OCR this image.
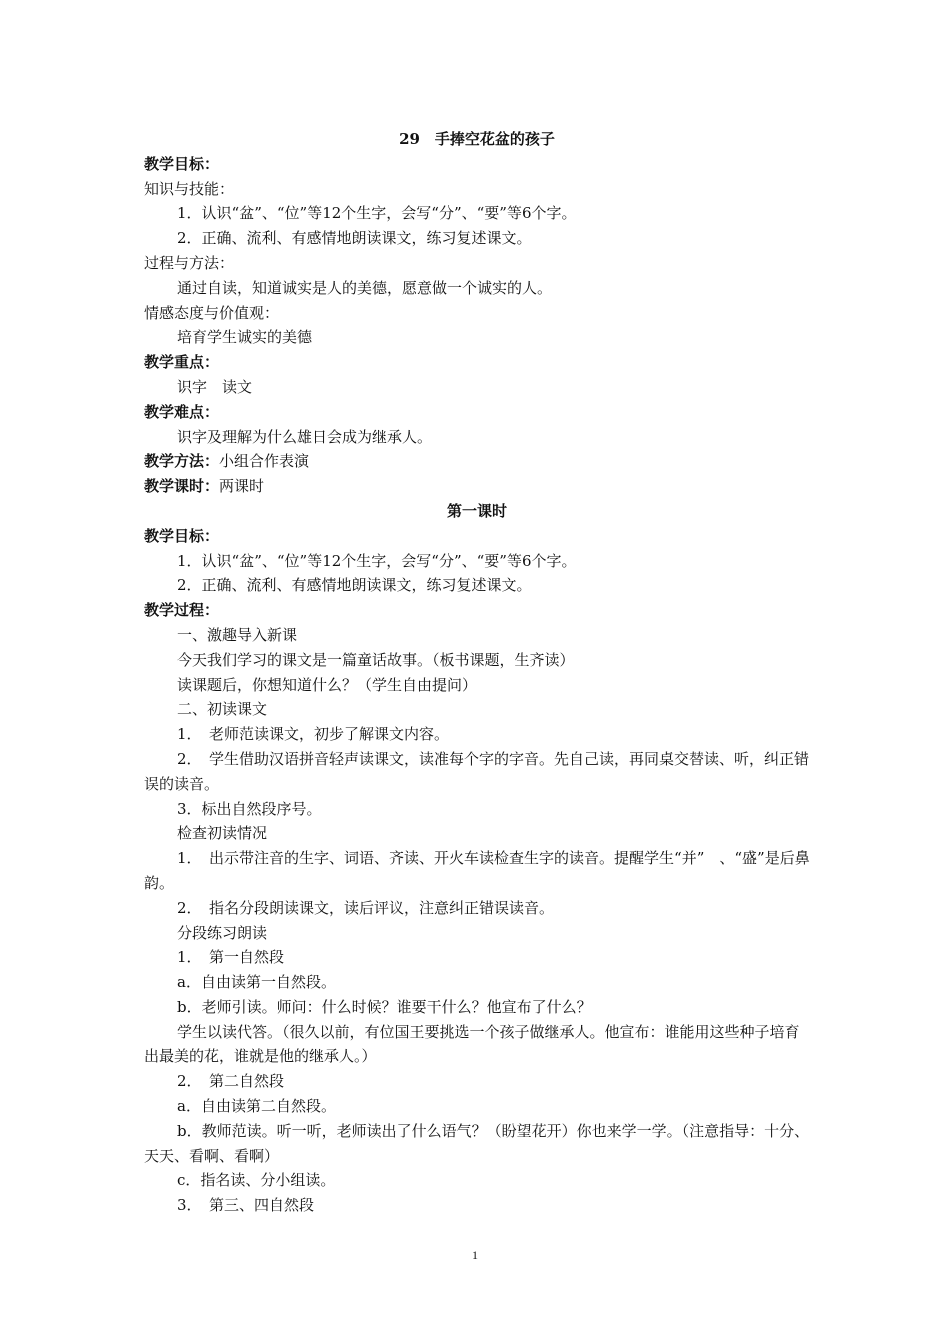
29　手捧空花盆的孩子
教学目标：
知识与技能：
1．认识“盆”、“位”等12个生字，会写“分”、“要”等6个字。
2．正确、流利、有感情地朗读课文，练习复述课文。
过程与方法：
通过自读，知道诚实是人的美德，愿意做一个诚实的人。
情感态度与价值观：
培育学生诚实的美德
教学重点：
识字　读文
教学难点：
识字及理解为什么雄日会成为继承人。
教学方法：小组合作表演
教学课时：两课时
第一课时
教学目标：
1．认识“盆”、“位”等12个生字，会写“分”、“要”等6个字。
2．正确、流利、有感情地朗读课文，练习复述课文。
教学过程：
一、激趣导入新课
今天我们学习的课文是一篇童话故事。（板书课题，生齐读）
读课题后，你想知道什么？（学生自由提问）
二、初读课文
1．　老师范读课文，初步了解课文内容。
2．　学生借助汉语拼音轻声读课文，读准每个字的字音。先自己读，再同桌交替读、听，纠正错误的读音。
3．标出自然段序号。
检查初读情况
1．　出示带注音的生字、词语、齐读、开火车读检查生字的读音。提醒学生“并”　、“盛”是后鼻韵。
2．　指名分段朗读课文，读后评议，注意纠正错误读音。
分段练习朗读
1．　第一自然段
a．自由读第一自然段。
b．老师引读。师问：什么时候？谁要干什么？他宣布了什么？
学生以读代答。（很久以前，有位国王要挑选一个孩子做继承人。他宣布：谁能用这些种子培育出最美的花，谁就是他的继承人。）
2．　第二自然段
a．自由读第二自然段。
b．教师范读。听一听，老师读出了什么语气？（盼望花开）你也来学一学。（注意指导：十分、天天、看啊、看啊）
c．指名读、分小组读。
3．　第三、四自然段
1
